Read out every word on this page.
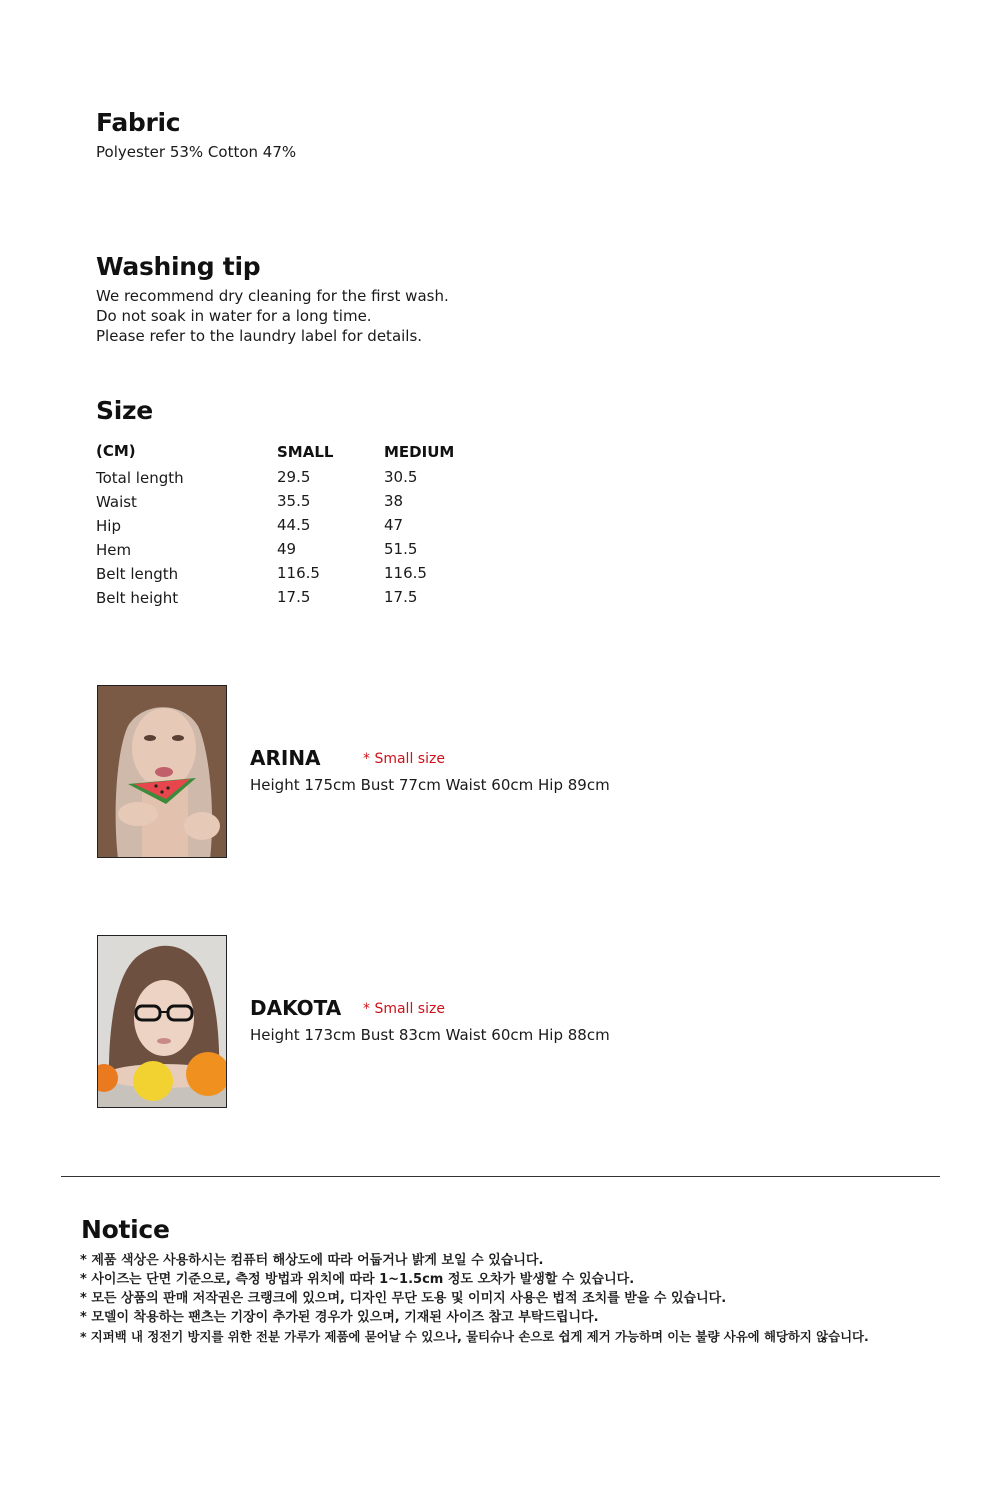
Fabric
Polyester 53% Cotton 47%
Washing tip
We recommend dry cleaning for the first wash.
Do not soak in water for a long time.
Please refer to the laundry label for details.
Size
(CM)	SMALL	MEDIUM
Total length	29.5	30.5
Waist	35.5	38
Hip	44.5	47
Hem	49	51.5
Belt length	116.5	116.5
Belt height	17.5	17.5
ARINA	* Small size
Height 175cm Bust 77cm Waist 60cm Hip 89cm
DAKOTA * Small size
Height 173cm Bust 83cm Waist 60cm Hip 88cm
Notice
* 제품 색상은 사용하시는 컴퓨터 해상도에 따라 어둡거나 밝게 보일 수 있습니다.
* 사이즈는 단면 기준으로, 측정 방법과 위치에 따라 1~1.5cm 정도 오차가 발생할 수 있습니다.
* 모든 상품의 판매 저작권은 크랭크에 있으며, 디자인 무단 도용 및 이미지 사용은 법적 조치를 받을 수 있습니다.
* 모델이 착용하는 팬츠는 기장이 추가된 경우가 있으며, 기재된 사이즈 참고 부탁드립니다.
* 지퍼백 내 정전기 방지를 위한 전분 가루가 제품에 묻어날 수 있으나, 물티슈나 손으로 쉽게 제거 가능하며 이는 불량 사유에 해당하지 않습니다.
